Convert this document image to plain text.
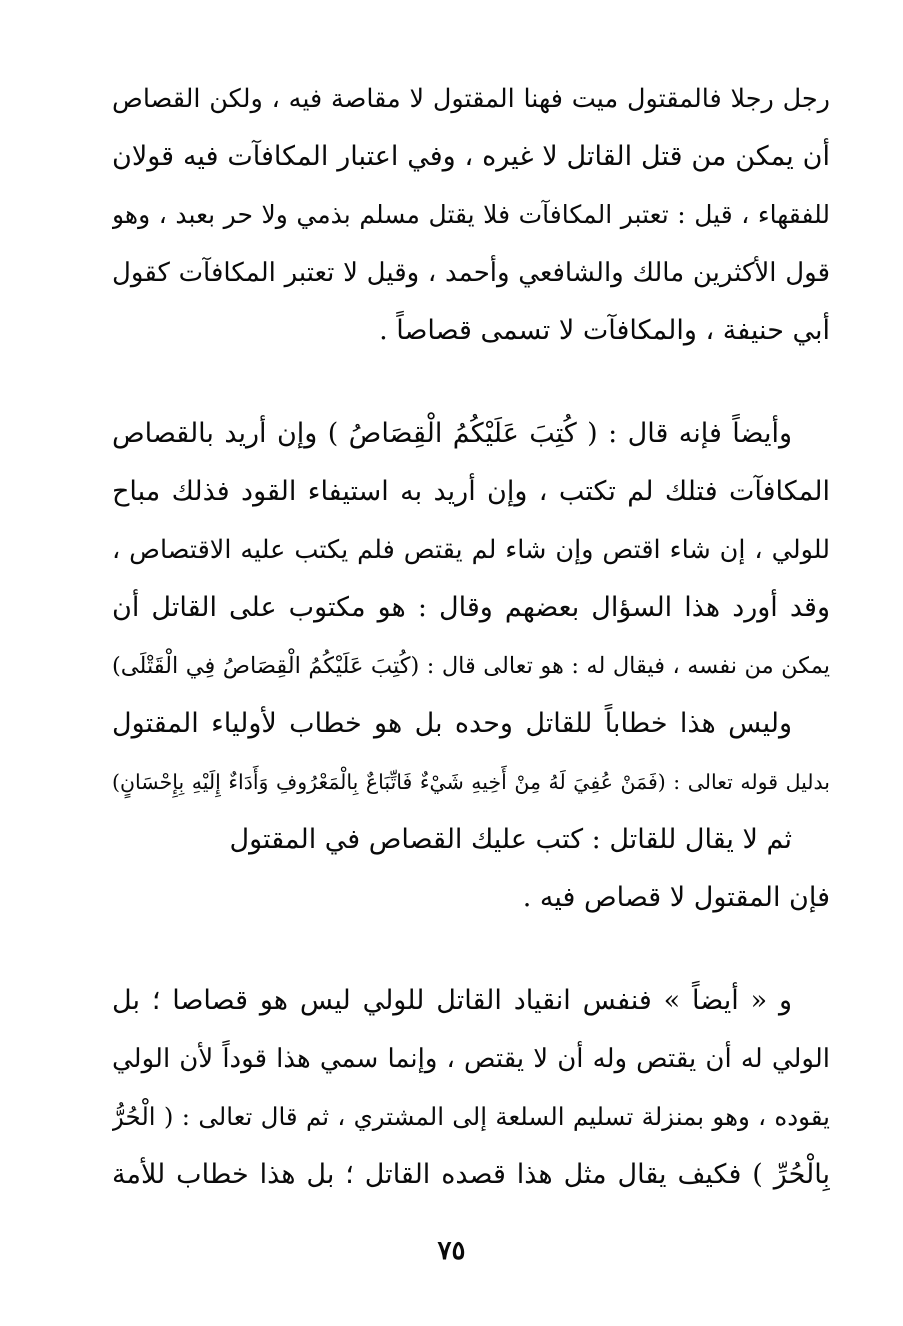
رجل رجلا فالمقتول ميت فهنا المقتول لا مقاصة فيه ، ولكن القصاص
أن يمكن من قتل القاتل لا غيره ، وفي اعتبار المكافآت فيه قولان
للفقهاء ، قيل : تعتبر المكافآت فلا يقتل مسلم بذمي ولا حر بعبد ، وهو
قول الأكثرين مالك والشافعي وأحمد ، وقيل لا تعتبر المكافآت كقول
أبي حنيفة ، والمكافآت لا تسمى قصاصاً .
وأيضاً فإنه قال : ( كُتِبَ عَلَيْكُمُ الْقِصَاصُ ) وإن أريد بالقصاص
المكافآت فتلك لم تكتب ، وإن أريد به استيفاء القود فذلك مباح
للولي ، إن شاء اقتص وإن شاء لم يقتص فلم يكتب عليه الاقتصاص ،
وقد أورد هذا السؤال بعضهم وقال : هو مكتوب على القاتل أن
يمكن من نفسه ، فيقال له : هو تعالى قال : (كُتِبَ عَلَيْكُمُ الْقِصَاصُ فِي الْقَتْلَى)
وليس هذا خطاباً للقاتل وحده بل هو خطاب لأولياء المقتول
بدليل قوله تعالى : (فَمَنْ عُفِيَ لَهُ مِنْ أَخِيهِ شَيْءٌ فَاتِّبَاعٌ بِالْمَعْرُوفِ وَأَدَاءٌ إِلَيْهِ بِإِحْسَانٍ)
ثم لا يقال للقاتل : كتب عليك القصاص في المقتول
فإن المقتول لا قصاص فيه .
و « أيضاً » فنفس انقياد القاتل للولي ليس هو قصاصا ؛ بل
الولي له أن يقتص وله أن لا يقتص ، وإنما سمي هذا قوداً لأن الولي
يقوده ، وهو بمنزلة تسليم السلعة إلى المشتري ، ثم قال تعالى : ( الْحُرُّ
بِالْحُرِّ ) فكيف يقال مثل هذا قصده القاتل ؛ بل هذا خطاب للأمة
٧٥
